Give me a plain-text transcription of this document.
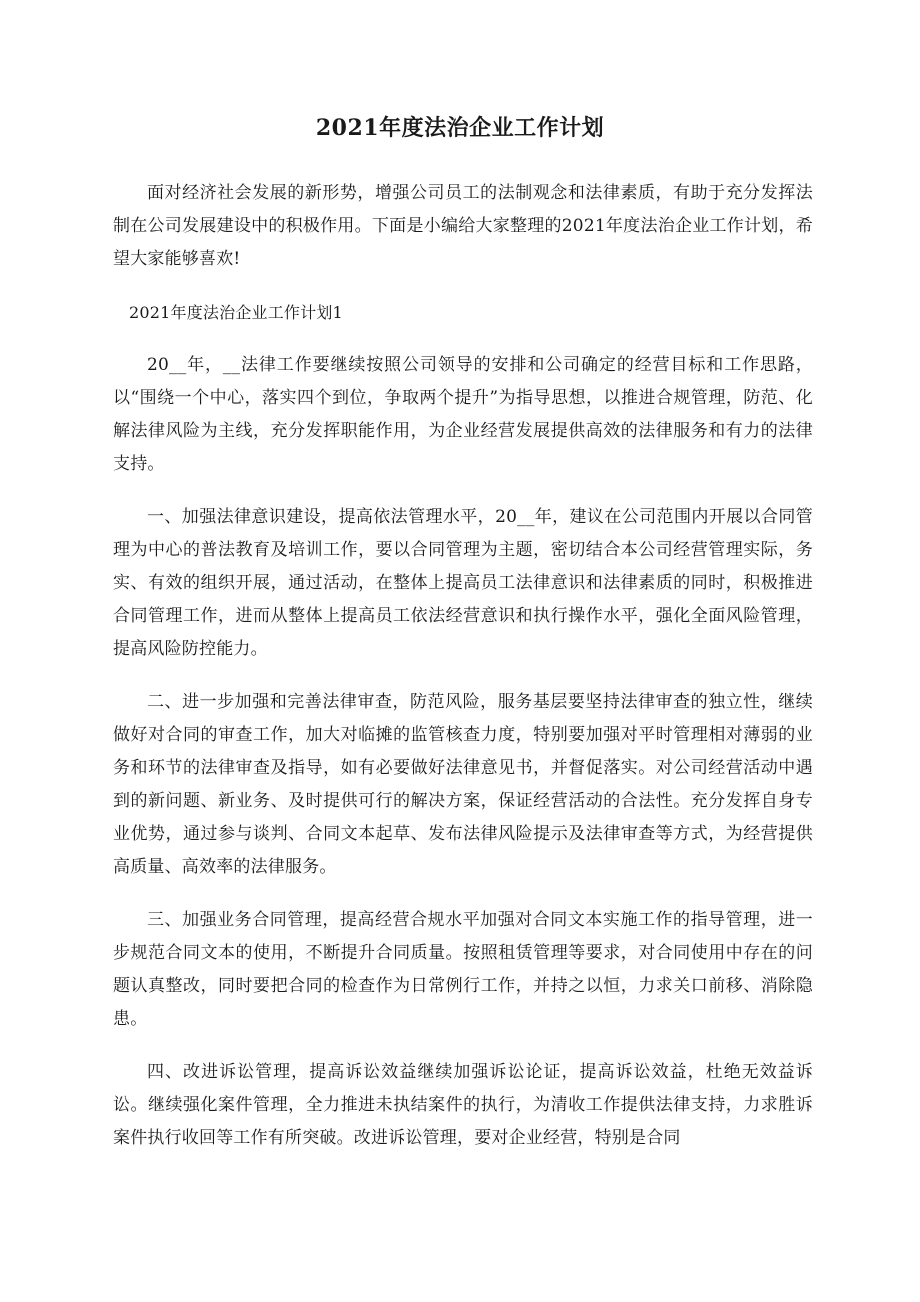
2021年度法治企业工作计划

面对经济社会发展的新形势，增强公司员工的法制观念和法律素质，有助于充分发挥法制在公司发展建设中的积极作用。下面是小编给大家整理的2021年度法治企业工作计划，希望大家能够喜欢!

2021年度法治企业工作计划1

20__年，__法律工作要继续按照公司领导的安排和公司确定的经营目标和工作思路，以“围绕一个中心，落实四个到位，争取两个提升”为指导思想，以推进合规管理，防范、化解法律风险为主线，充分发挥职能作用，为企业经营发展提供高效的法律服务和有力的法律支持。

一、加强法律意识建设，提高依法管理水平，20__年，建议在公司范围内开展以合同管理为中心的普法教育及培训工作，要以合同管理为主题，密切结合本公司经营管理实际，务实、有效的组织开展，通过活动，在整体上提高员工法律意识和法律素质的同时，积极推进合同管理工作，进而从整体上提高员工依法经营意识和执行操作水平，强化全面风险管理，提高风险防控能力。

二、进一步加强和完善法律审查，防范风险，服务基层要坚持法律审查的独立性，继续做好对合同的审查工作，加大对临摊的监管核查力度，特别要加强对平时管理相对薄弱的业务和环节的法律审查及指导，如有必要做好法律意见书，并督促落实。对公司经营活动中遇到的新问题、新业务、及时提供可行的解决方案，保证经营活动的合法性。充分发挥自身专业优势，通过参与谈判、合同文本起草、发布法律风险提示及法律审查等方式，为经营提供高质量、高效率的法律服务。

三、加强业务合同管理，提高经营合规水平加强对合同文本实施工作的指导管理，进一步规范合同文本的使用，不断提升合同质量。按照租赁管理等要求，对合同使用中存在的问题认真整改，同时要把合同的检查作为日常例行工作，并持之以恒，力求关口前移、消除隐患。

四、改进诉讼管理，提高诉讼效益继续加强诉讼论证，提高诉讼效益，杜绝无效益诉讼。继续强化案件管理，全力推进未执结案件的执行，为清收工作提供法律支持，力求胜诉案件执行收回等工作有所突破。改进诉讼管理，要对企业经营，特别是合同
